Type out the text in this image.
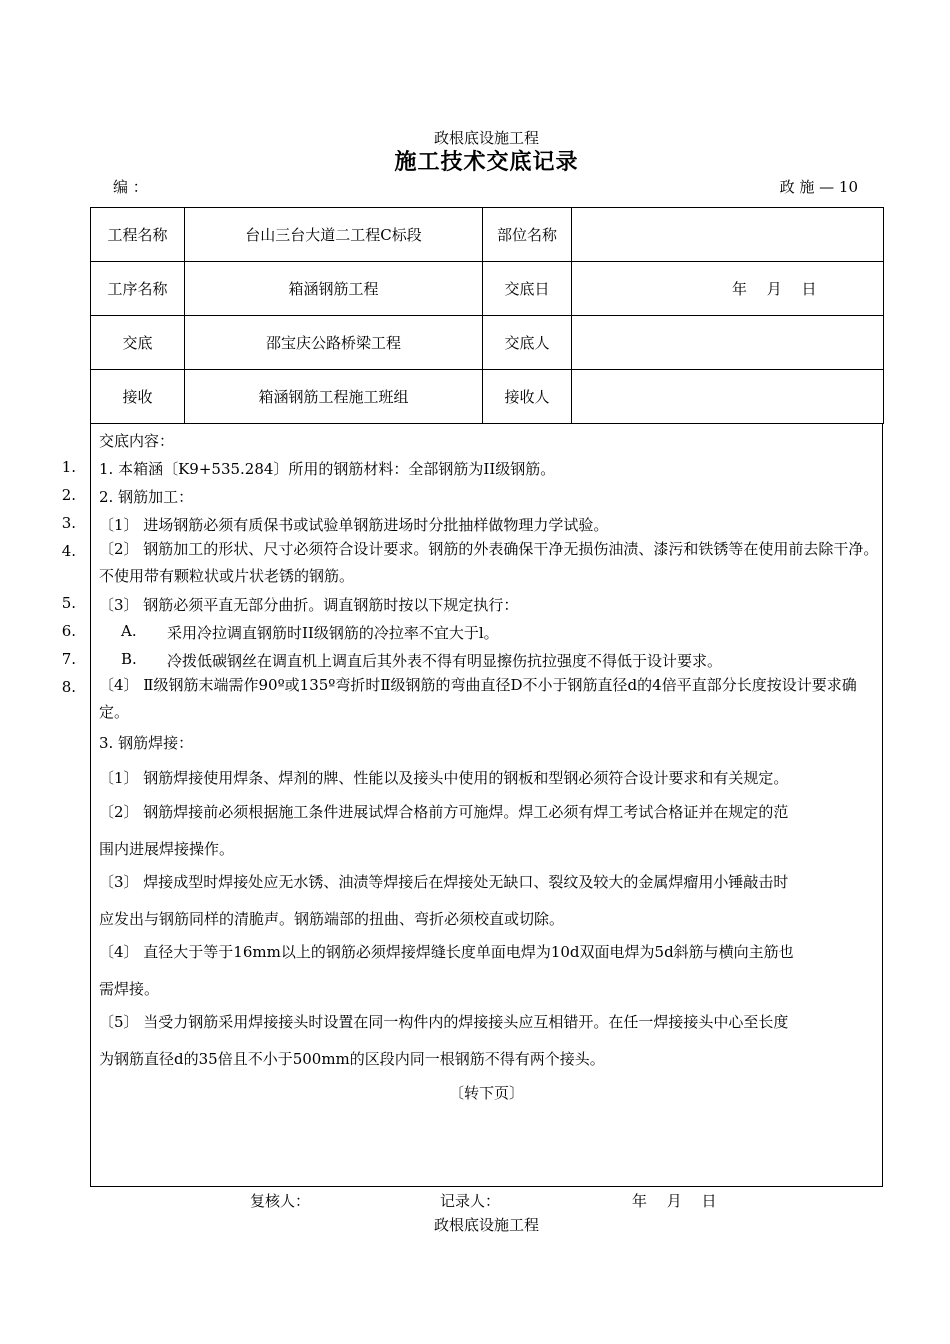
政根底设施工程
施工技术交底记录
编 ：	政 施 — 10
工程名称	台山三台大道二工程C标段	部位名称	
工序名称	箱涵钢筋工程	交底日	年　 月　 日
交底	邵宝庆公路桥梁工程	交底人	
接收	箱涵钢筋工程施工班组	接收人	
1.
2.
3.
4.
5.
6.
7.
8.
交底内容：
1. 本箱涵〔K9+535.284〕所用的钢筋材料：全部钢筋为II级钢筋。
2. 钢筋加工：
〔1〕 进场钢筋必须有质保书或试验单钢筋进场时分批抽样做物理力学试验。
〔2〕 钢筋加工的形状、尺寸必须符合设计要求。钢筋的外表确保干净无损伤油渍、漆污和铁锈等在使用前去除干净。不使用带有颗粒状或片状老锈的钢筋。
〔3〕 钢筋必须平直无部分曲折。调直钢筋时按以下规定执行：
A. 采用冷拉调直钢筋时II级钢筋的冷拉率不宜大于l。
B. 冷拨低碳钢丝在调直机上调直后其外表不得有明显擦伤抗拉强度不得低于设计要求。
〔4〕 Ⅱ级钢筋末端需作90º或135º弯折时Ⅱ级钢筋的弯曲直径D不小于钢筋直径d的4倍平直部分长度按设计要求确定。
3. 钢筋焊接：
〔1〕 钢筋焊接使用焊条、焊剂的牌、性能以及接头中使用的钢板和型钢必须符合设计要求和有关规定。
〔2〕 钢筋焊接前必须根据施工条件进展试焊合格前方可施焊。焊工必须有焊工考试合格证并在规定的范
围内进展焊接操作。
〔3〕 焊接成型时焊接处应无水锈、油渍等焊接后在焊接处无缺口、裂纹及较大的金属焊瘤用小锤敲击时
应发出与钢筋同样的清脆声。钢筋端部的扭曲、弯折必须校直或切除。
〔4〕 直径大于等于16mm以上的钢筋必须焊接焊缝长度单面电焊为10d双面电焊为5d斜筋与横向主筋也
需焊接。
〔5〕 当受力钢筋采用焊接接头时设置在同一构件内的焊接接头应互相错开。在任一焊接接头中心至长度
为钢筋直径d的35倍且不小于500mm的区段内同一根钢筋不得有两个接头。
〔转下页〕
复核人：	记录人：	年　 月　 日
政根底设施工程
